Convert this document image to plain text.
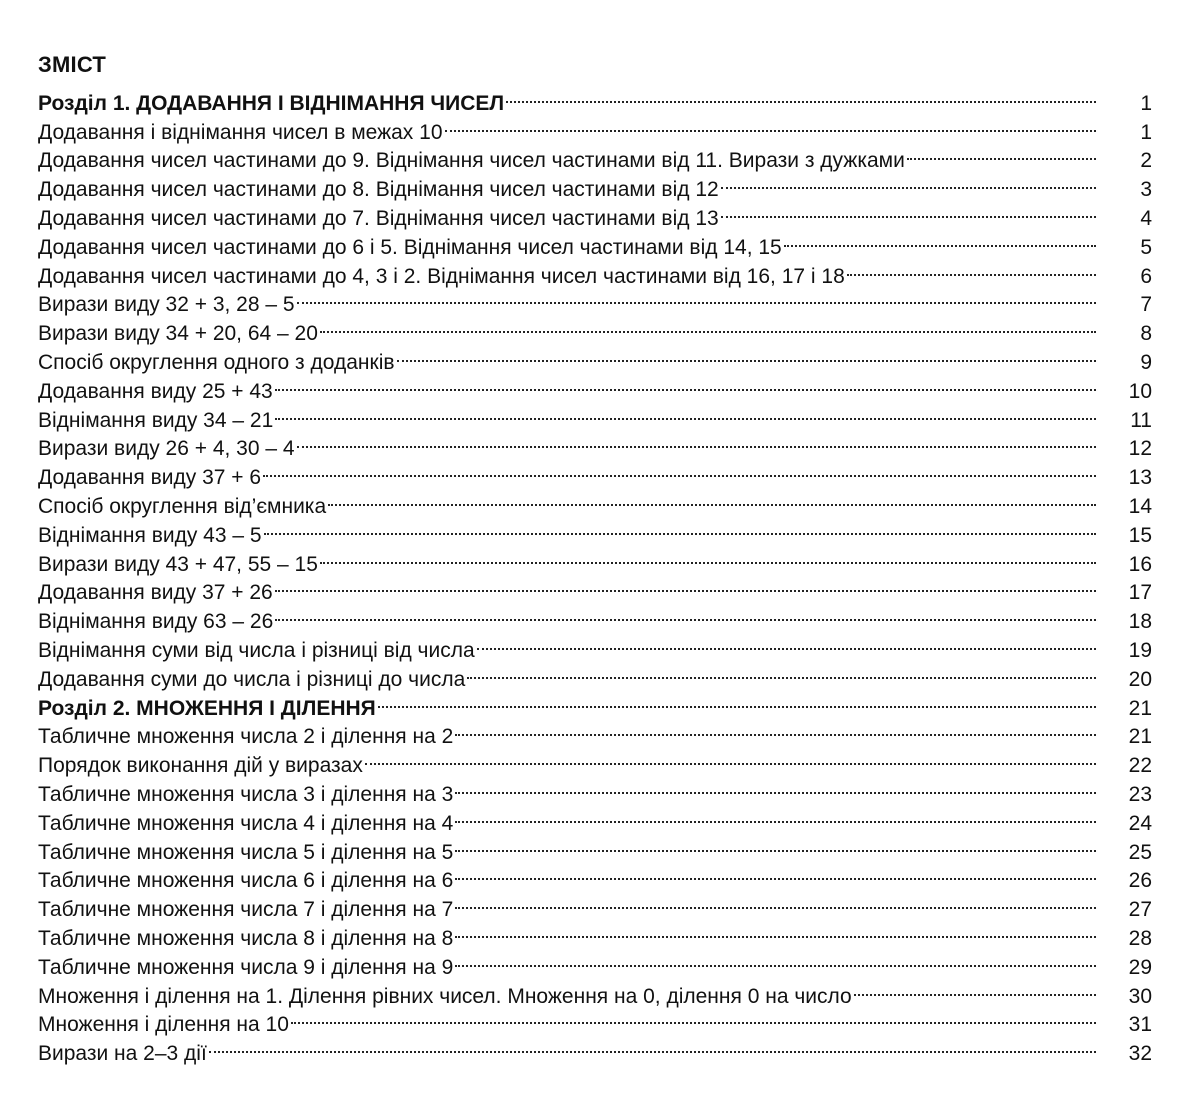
ЗМІСТ
Розділ 1. ДОДАВАННЯ І ВІДНІМАННЯ ЧИСЕЛ	1
Додавання і віднімання чисел в межах 10	1
Додавання чисел частинами до 9. Віднімання чисел частинами від 11. Вирази з дужками	2
Додавання чисел частинами до 8. Віднімання чисел частинами від 12	3
Додавання чисел частинами до 7. Віднімання чисел частинами від 13	4
Додавання чисел частинами до 6 і 5. Віднімання чисел частинами від 14, 15	5
Додавання чисел частинами до 4, 3 і 2. Віднімання чисел частинами від 16, 17 і 18	6
Вирази виду 32 + 3, 28 – 5	7
Вирази виду 34 + 20, 64 – 20	8
Спосіб округлення одного з доданків	9
Додавання виду 25 + 43	10
Віднімання виду 34 – 21	11
Вирази виду 26 + 4, 30 – 4	12
Додавання виду 37 + 6	13
Спосіб округлення від’ємника	14
Віднімання виду 43 – 5	15
Вирази виду 43 + 47, 55 – 15	16
Додавання виду 37 + 26	17
Віднімання виду 63 – 26	18
Віднімання суми від числа і різниці від числа	19
Додавання суми до числа і різниці до числа	20
Розділ 2. МНОЖЕННЯ І ДІЛЕННЯ	21
Табличне множення числа 2 і ділення на 2	21
Порядок виконання дій у виразах	22
Табличне множення числа 3 і ділення на 3	23
Табличне множення числа 4 і ділення на 4	24
Табличне множення числа 5 і ділення на 5	25
Табличне множення числа 6 і ділення на 6	26
Табличне множення числа 7 і ділення на 7	27
Табличне множення числа 8 і ділення на 8	28
Табличне множення числа 9 і ділення на 9	29
Множення і ділення на 1. Ділення рівних чисел. Множення на 0, ділення 0 на число	30
Множення і ділення на 10	31
Вирази на 2–3 дії	32
